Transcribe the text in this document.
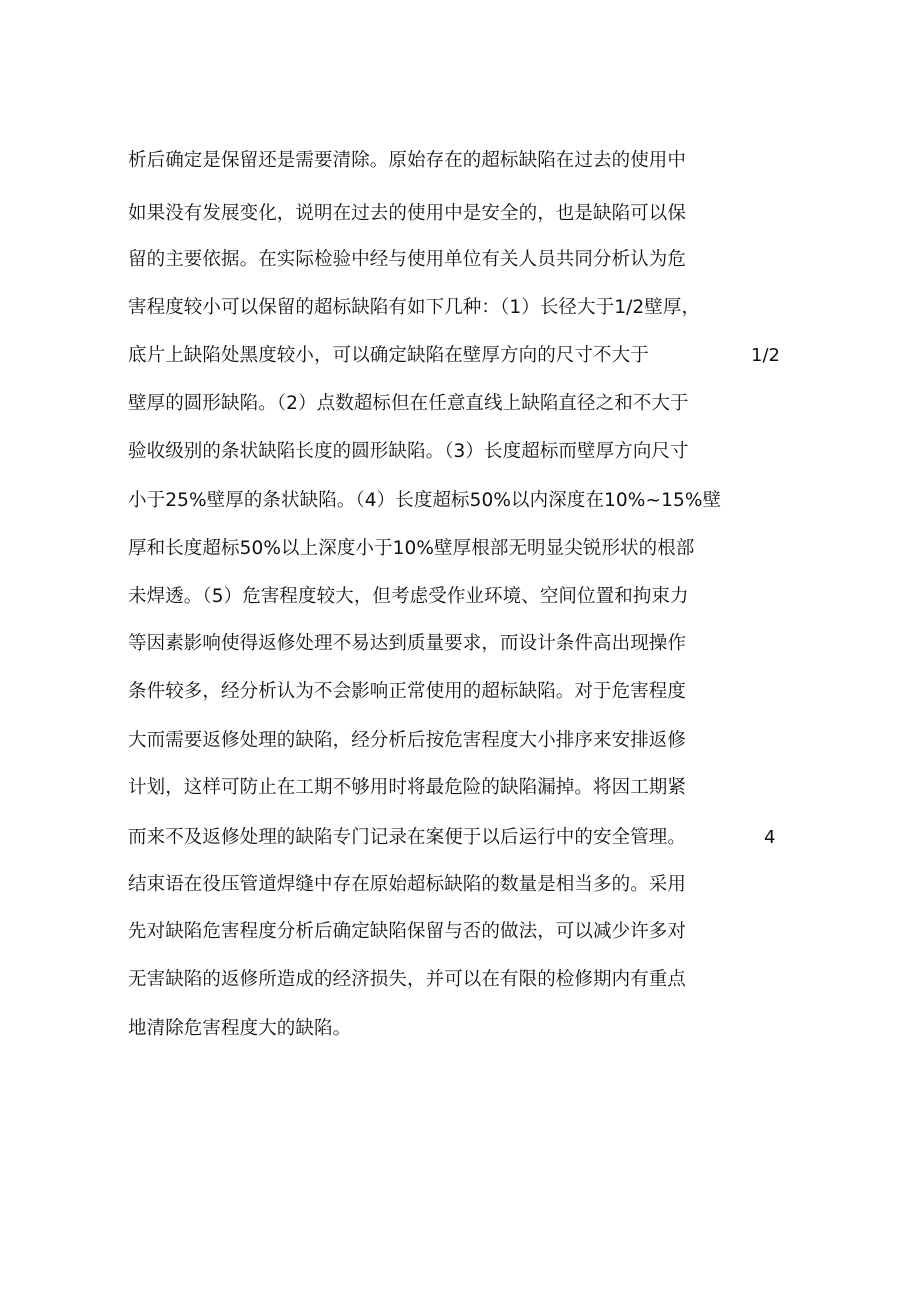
析后确定是保留还是需要清除。原始存在的超标缺陷在过去的使用中
如果没有发展变化，说明在过去的使用中是安全的，也是缺陷可以保
留的主要依据。在实际检验中经与使用单位有关人员共同分析认为危
害程度较小可以保留的超标缺陷有如下几种：（1）长径大于1/2壁厚，
底片上缺陷处黑度较小，可以确定缺陷在壁厚方向的尺寸不大于	1/2
壁厚的圆形缺陷。（2）点数超标但在任意直线上缺陷直径之和不大于
验收级别的条状缺陷长度的圆形缺陷。（3）长度超标而壁厚方向尺寸
小于25%壁厚的条状缺陷。（4）长度超标50%以内深度在10%~15%壁
厚和长度超标50%以上深度小于10%壁厚根部无明显尖锐形状的根部
未焊透。（5）危害程度较大，但考虑受作业环境、空间位置和拘束力
等因素影响使得返修处理不易达到质量要求，而设计条件高出现操作
条件较多，经分析认为不会影响正常使用的超标缺陷。对于危害程度
大而需要返修处理的缺陷，经分析后按危害程度大小排序来安排返修
计划，这样可防止在工期不够用时将最危险的缺陷漏掉。将因工期紧
而来不及返修处理的缺陷专门记录在案便于以后运行中的安全管理。	4
结束语在役压管道焊缝中存在原始超标缺陷的数量是相当多的。采用
先对缺陷危害程度分析后确定缺陷保留与否的做法，可以减少许多对
无害缺陷的返修所造成的经济损失，并可以在有限的检修期内有重点
地清除危害程度大的缺陷。
